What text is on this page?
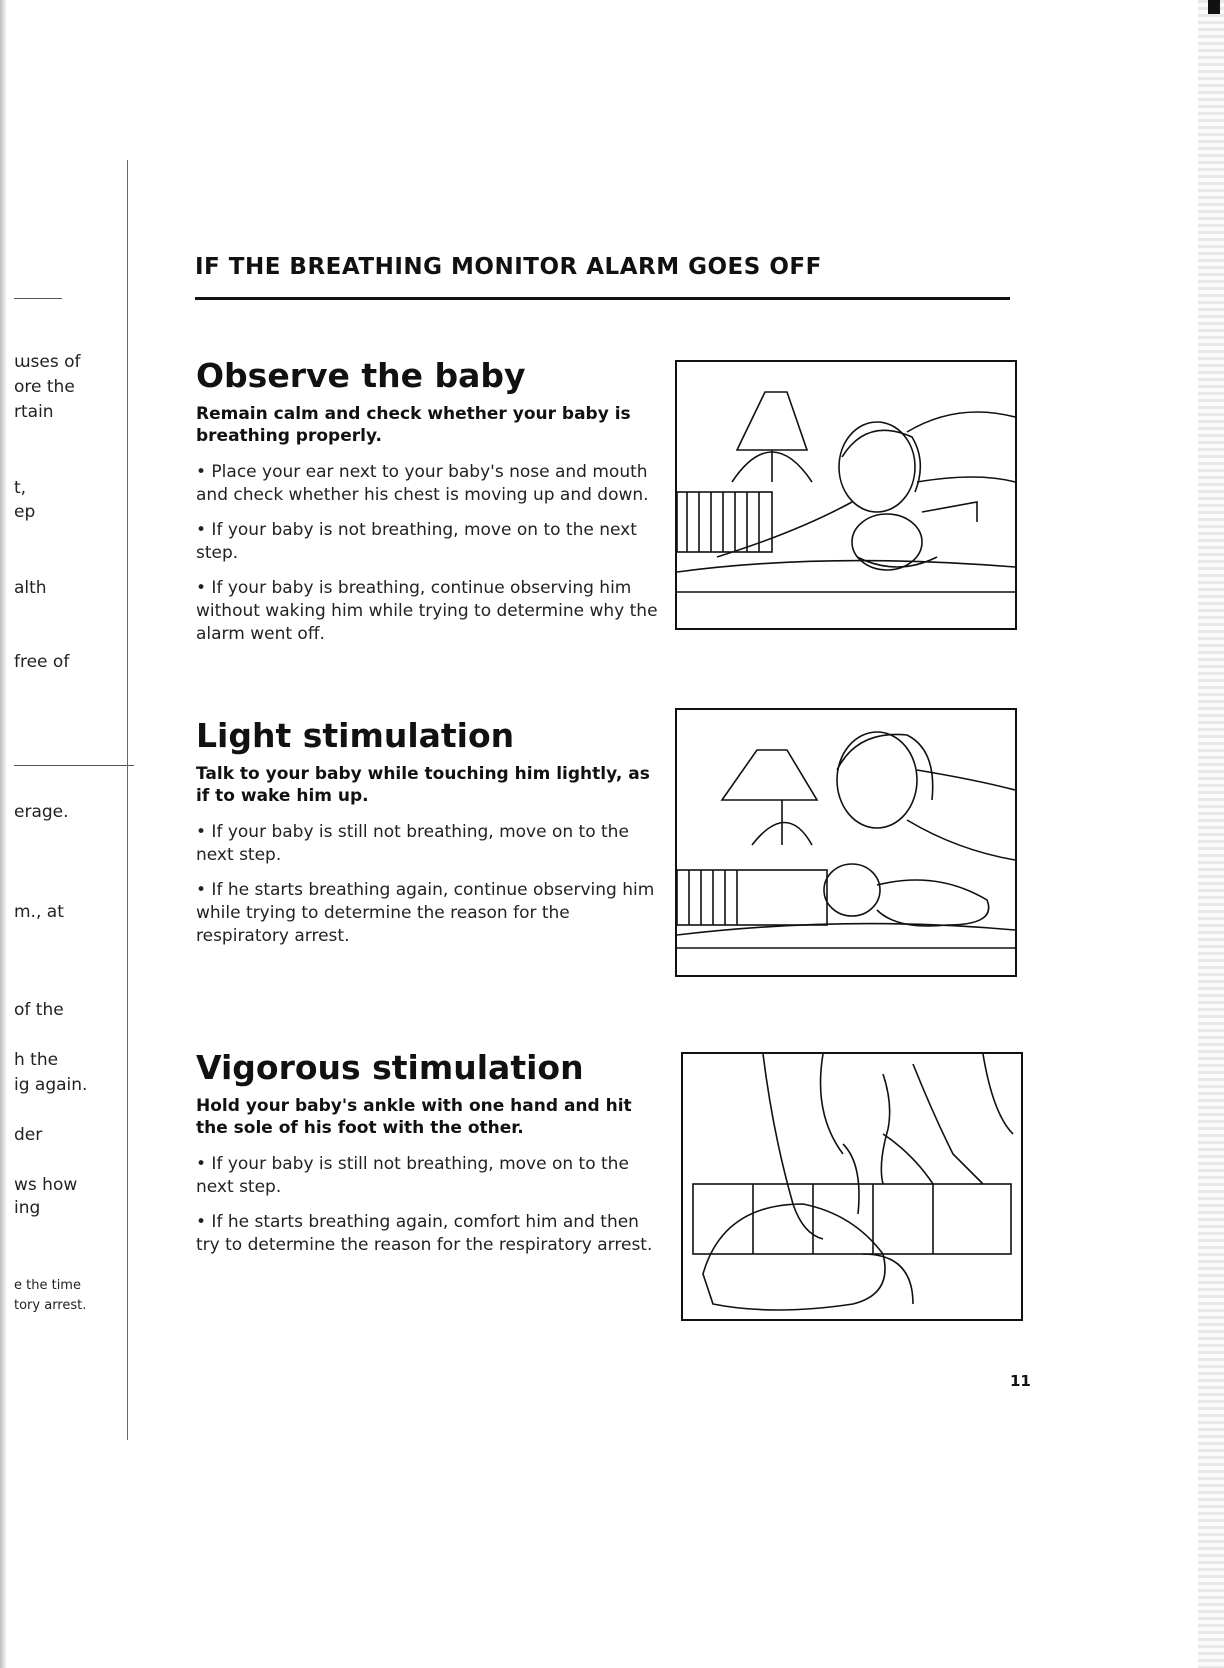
ɯses of
ore the
rtain
t,
ep
alth
free of
erage.
m., at
of the
h the
ig again.
der
ws how
ing
e the time
tory arrest.
IF THE BREATHING MONITOR ALARM GOES OFF
Observe the baby
Remain calm and check whether your baby is breathing properly.

• Place your ear next to your baby's nose and mouth and check whether his chest is moving up and down.

• If your baby is not breathing, move on to the next step.

• If your baby is breathing, continue observing him without waking him while trying to determine why the alarm went off.

Light stimulation
Talk to your baby while touching him lightly, as if to wake him up.

• If your baby is still not breathing, move on to the next step.

• If he starts breathing again, continue observing him while trying to determine the reason for the respiratory arrest.

Vigorous stimulation
Hold your baby's ankle with one hand and hit the sole of his foot with the other.

• If your baby is still not breathing, move on to the next step.

• If he starts breathing again, comfort him and then try to determine the reason for the respiratory arrest.

11
